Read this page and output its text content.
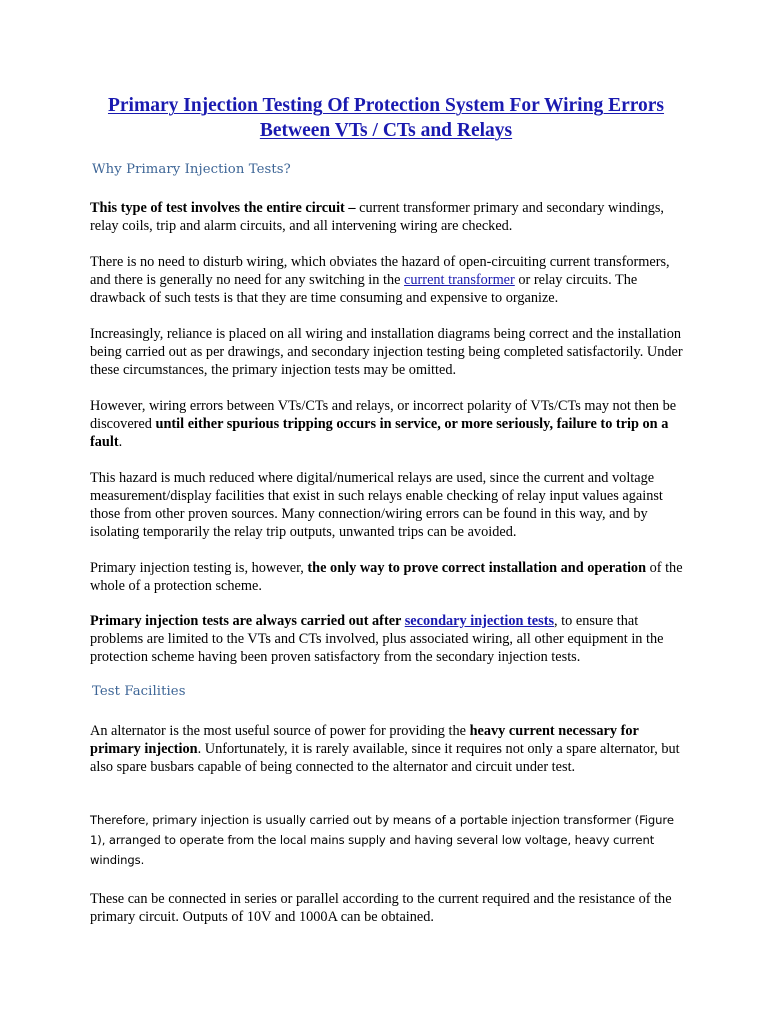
Primary Injection Testing Of Protection System For Wiring Errors
Between VTs / CTs and Relays
Why Primary Injection Tests?

This type of test involves the entire circuit – current transformer primary and secondary windings, relay coils, trip and alarm circuits, and all intervening wiring are checked.

There is no need to disturb wiring, which obviates the hazard of open-circuiting current transformers, and there is generally no need for any switching in the current transformer or relay circuits. The drawback of such tests is that they are time consuming and expensive to organize.

Increasingly, reliance is placed on all wiring and installation diagrams being correct and the installation being carried out as per drawings, and secondary injection testing being completed satisfactorily. Under these circumstances, the primary injection tests may be omitted.

However, wiring errors between VTs/CTs and relays, or incorrect polarity of VTs/CTs may not then be discovered until either spurious tripping occurs in service, or more seriously, failure to trip on a fault.

This hazard is much reduced where digital/numerical relays are used, since the current and voltage measurement/display facilities that exist in such relays enable checking of relay input values against those from other proven sources. Many connection/wiring errors can be found in this way, and by isolating temporarily the relay trip outputs, unwanted trips can be avoided.

Primary injection testing is, however, the only way to prove correct installation and operation of the whole of a protection scheme.

Primary injection tests are always carried out after secondary injection tests, to ensure that problems are limited to the VTs and CTs involved, plus associated wiring, all other equipment in the protection scheme having been proven satisfactory from the secondary injection tests.

Test Facilities

An alternator is the most useful source of power for providing the heavy current necessary for primary injection. Unfortunately, it is rarely available, since it requires not only a spare alternator, but also spare busbars capable of being connected to the alternator and circuit under test.

Therefore, primary injection is usually carried out by means of a portable injection transformer (Figure 1), arranged to operate from the local mains supply and having several low voltage, heavy current windings.

These can be connected in series or parallel according to the current required and the resistance of the primary circuit. Outputs of 10V and 1000A can be obtained.
